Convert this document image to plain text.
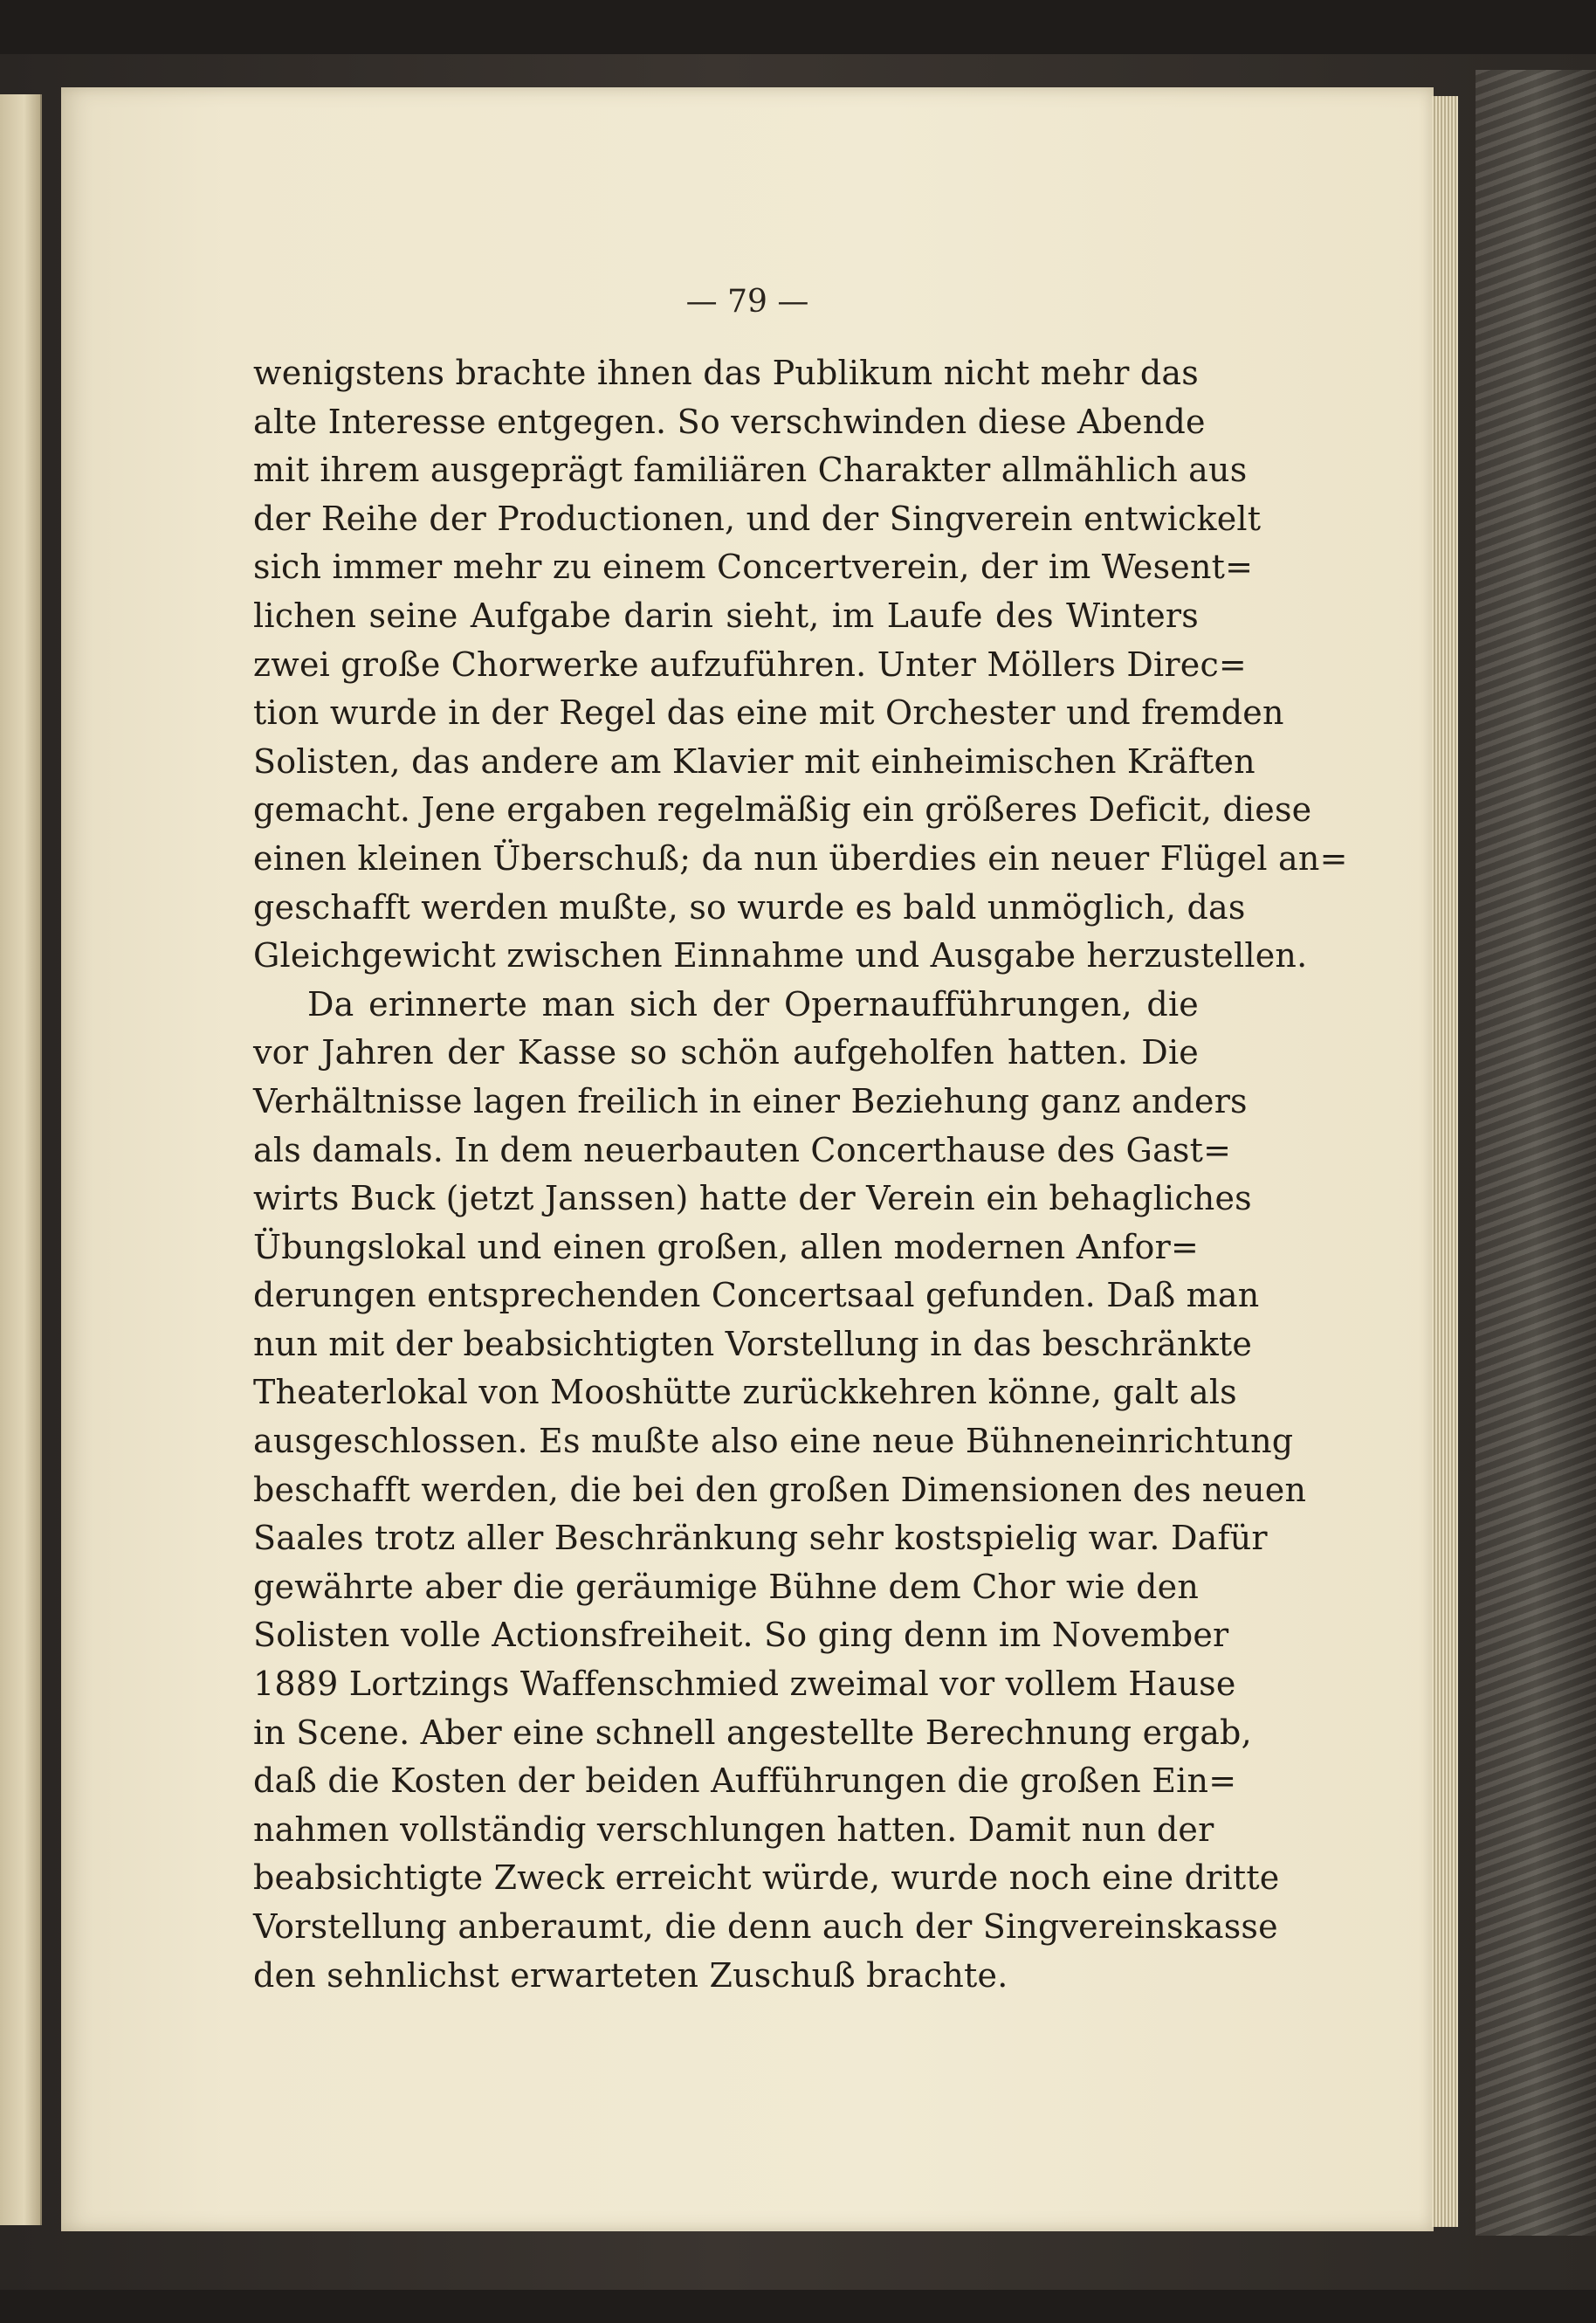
— 79 —
wenigstens brachte ihnen das Publikum nicht mehr das
alte Interesse entgegen. So verschwinden diese Abende
mit ihrem ausgeprägt familiären Charakter allmählich aus
der Reihe der Productionen, und der Singverein entwickelt
sich immer mehr zu einem Concertverein, der im Wesent=
lichen seine Aufgabe darin sieht, im Laufe des Winters
zwei große Chorwerke aufzuführen. Unter Möllers Direc=
tion wurde in der Regel das eine mit Orchester und fremden
Solisten, das andere am Klavier mit einheimischen Kräften
gemacht. Jene ergaben regelmäßig ein größeres Deficit, diese
einen kleinen Überschuß; da nun überdies ein neuer Flügel an=
geschafft werden mußte, so wurde es bald unmöglich, das
Gleichgewicht zwischen Einnahme und Ausgabe herzustellen.
Da erinnerte man sich der Opernaufführungen, die
vor Jahren der Kasse so schön aufgeholfen hatten. Die
Verhältnisse lagen freilich in einer Beziehung ganz anders
als damals. In dem neuerbauten Concerthause des Gast=
wirts Buck (jetzt Janssen) hatte der Verein ein behagliches
Übungslokal und einen großen, allen modernen Anfor=
derungen entsprechenden Concertsaal gefunden. Daß man
nun mit der beabsichtigten Vorstellung in das beschränkte
Theaterlokal von Mooshütte zurückkehren könne, galt als
ausgeschlossen. Es mußte also eine neue Bühneneinrichtung
beschafft werden, die bei den großen Dimensionen des neuen
Saales trotz aller Beschränkung sehr kostspielig war. Dafür
gewährte aber die geräumige Bühne dem Chor wie den
Solisten volle Actionsfreiheit. So ging denn im November
1889 Lortzings Waffenschmied zweimal vor vollem Hause
in Scene. Aber eine schnell angestellte Berechnung ergab,
daß die Kosten der beiden Aufführungen die großen Ein=
nahmen vollständig verschlungen hatten. Damit nun der
beabsichtigte Zweck erreicht würde, wurde noch eine dritte
Vorstellung anberaumt, die denn auch der Singvereinskasse
den sehnlichst erwarteten Zuschuß brachte.
